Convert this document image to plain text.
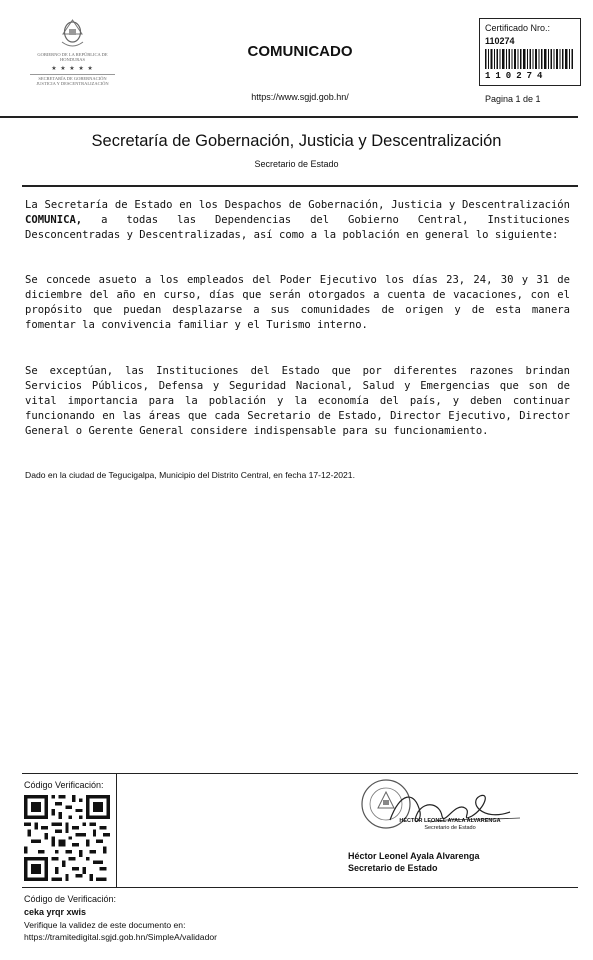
GOBIERNO DE LA REPÚBLICA DE HONDURAS
★ ★ ★ ★ ★
SECRETARÍA DE GOBERNACIÓN JUSTICIA Y DESCENTRALIZACIÓN
COMUNICADO
https://www.sgjd.gob.hn/
Certificado Nro.:
110274
110274
Pagina 1 de 1
Secretaría de Gobernación, Justicia y Descentralización
Secretario de Estado
La Secretaría de Estado en los Despachos de Gobernación, Justicia y Descentralización COMUNICA, a todas las Dependencias del Gobierno Central, Instituciones Desconcentradas y Descentralizadas, así como a la población en general lo siguiente:
Se concede asueto a los empleados del Poder Ejecutivo los días 23, 24, 30 y 31 de diciembre del año en curso, días que serán otorgados a cuenta de vacaciones, con el propósito que puedan desplazarse a sus comunidades de origen y de esta manera fomentar la convivencia familiar y el Turismo interno.
Se exceptúan, las Instituciones del Estado que por diferentes razones brindan Servicios Públicos, Defensa y Seguridad Nacional, Salud y Emergencias que son de vital importancia para la población y la economía del país, y deben continuar funcionando en las áreas que cada Secretario de Estado, Director Ejecutivo, Director General o Gerente General considere indispensable para su funcionamiento.
Dado en la ciudad de Tegucigalpa, Municipio del Distrito Central, en fecha 17-12-2021.
Código Verificación:
HÉCTOR LEONEL AYALA ALVARENGA
Secretario de Estado
Héctor Leonel Ayala Alvarenga
Secretario de Estado
Código de Verificación:
ceka yrqr xwis
Verifique la validez de este documento en:
https://tramitedigital.sgjd.gob.hn/SimpleA/validador
